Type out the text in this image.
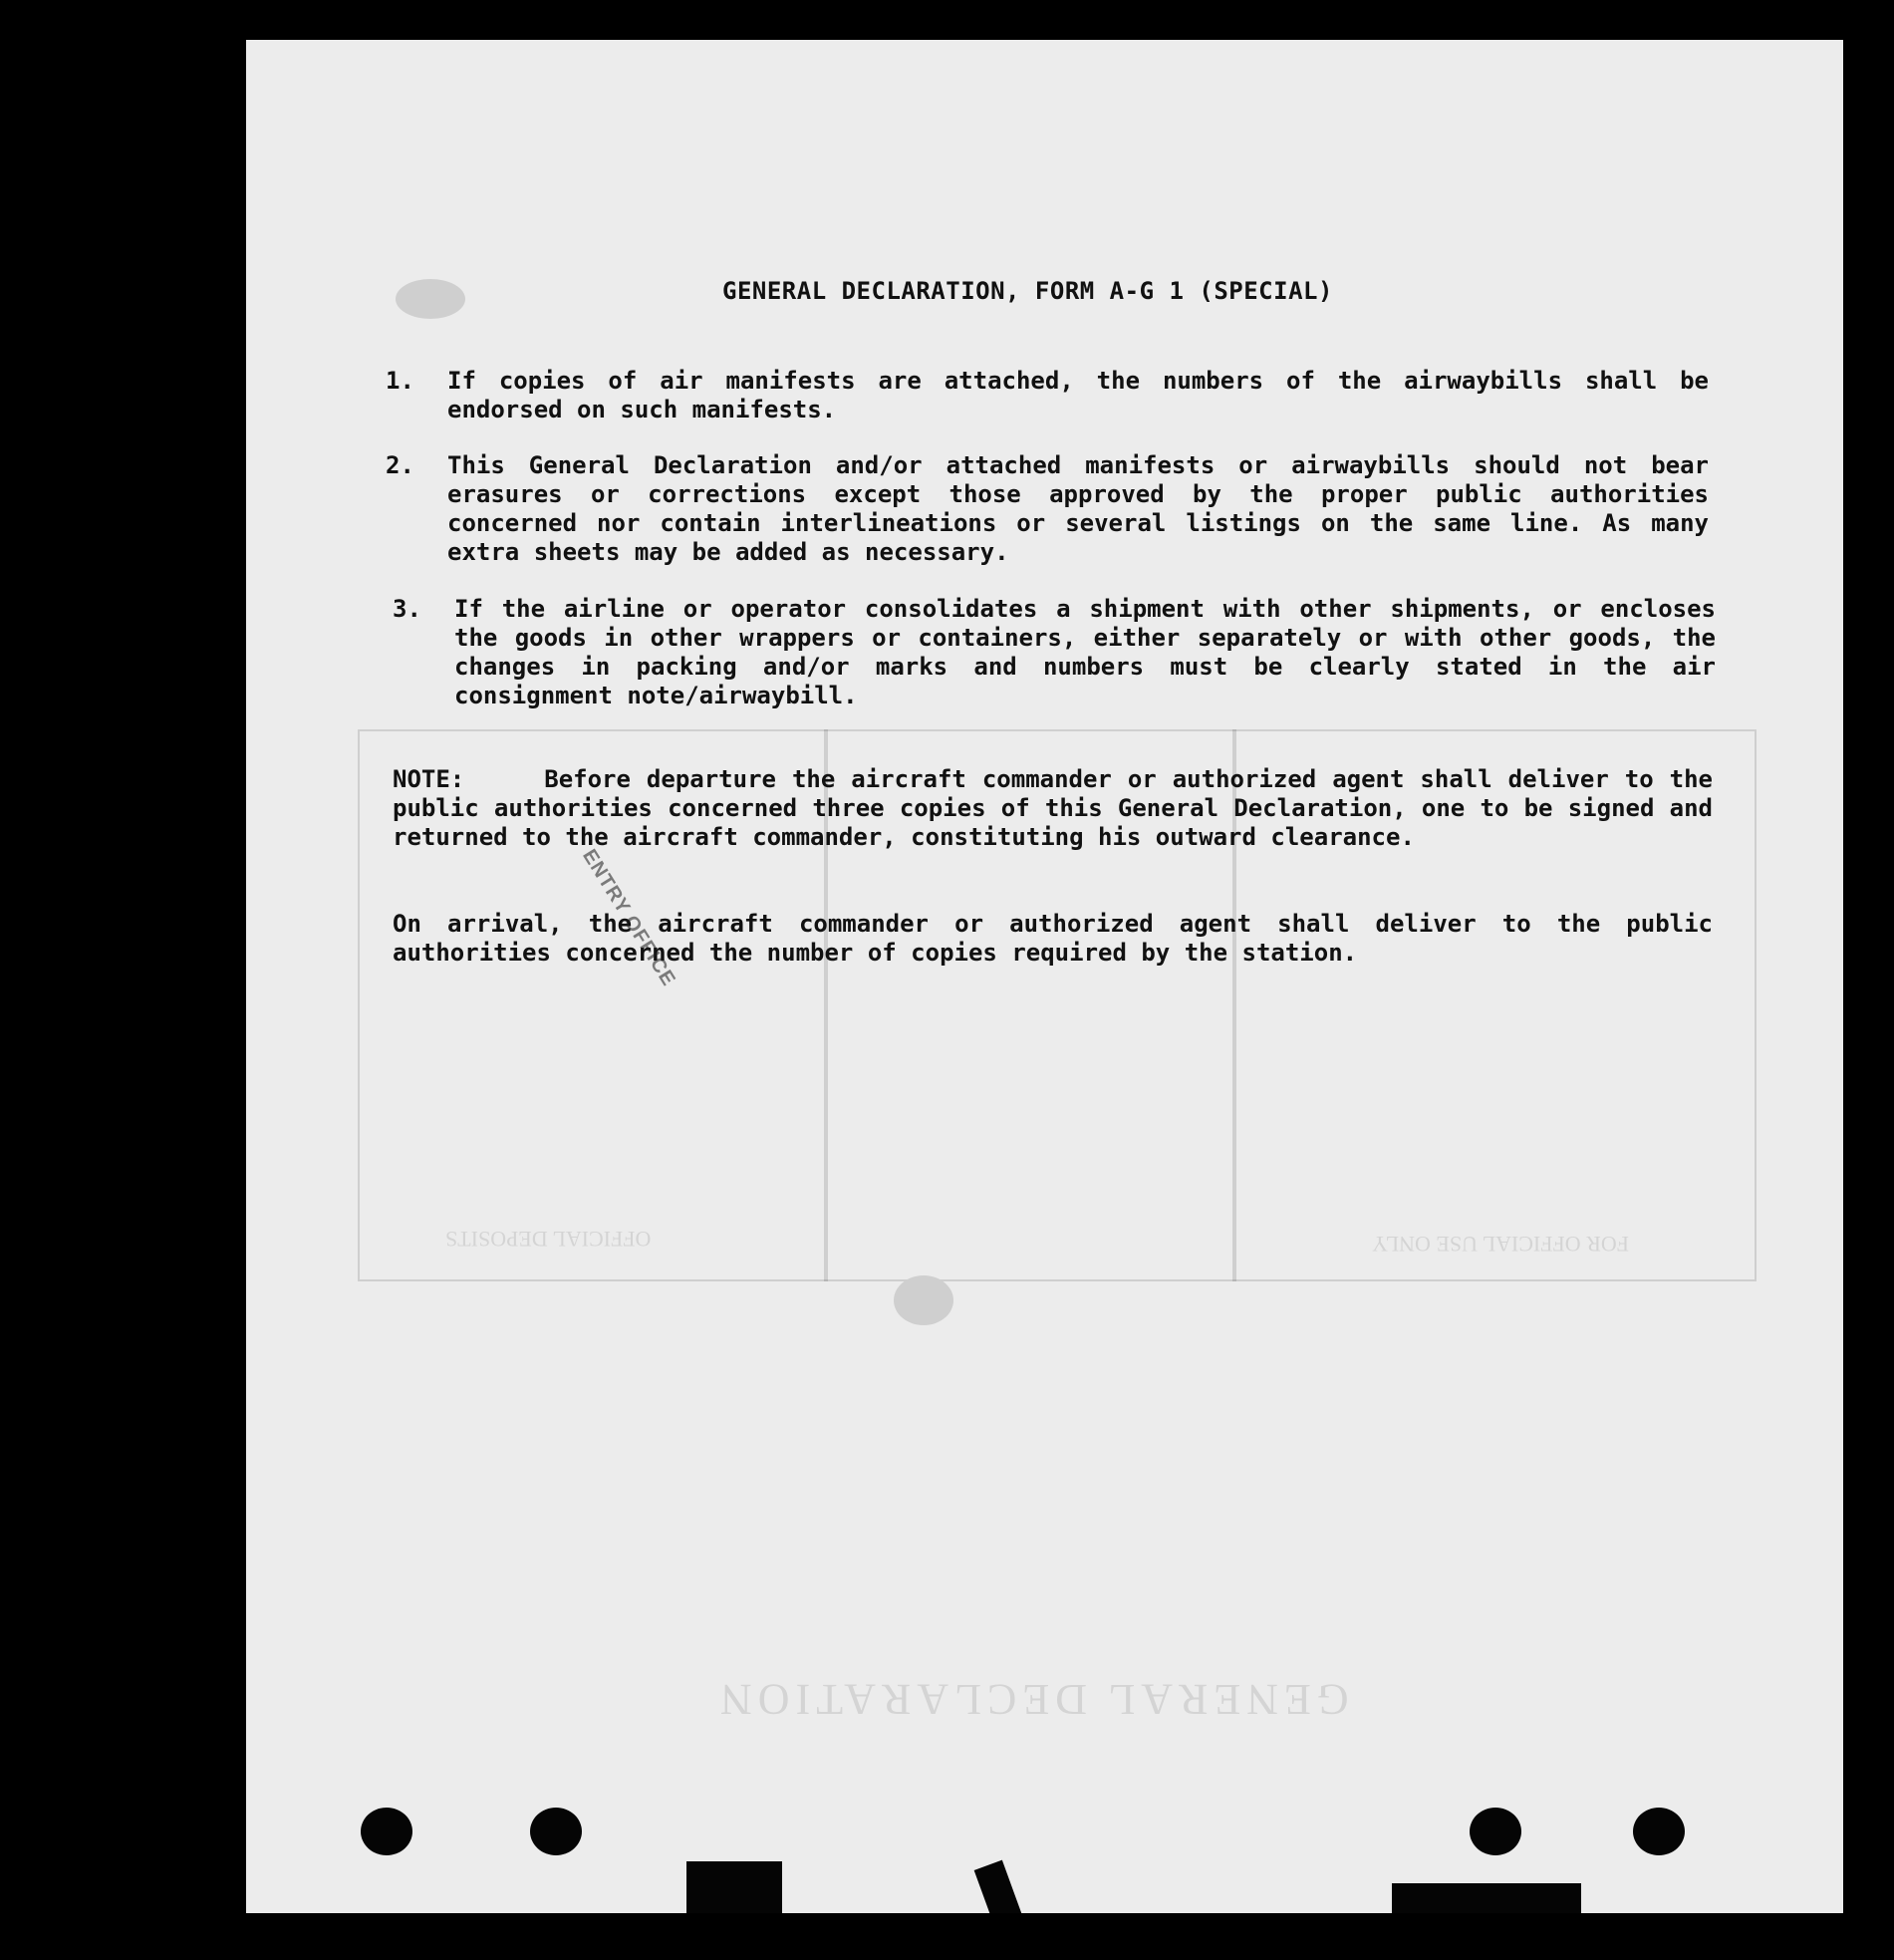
GENERAL DECLARATION
OFFICIAL DEPOSITS	FOR OFFICIAL USE ONLY
GENERAL DECLARATION, FORM A-G 1 (SPECIAL)
1. If copies of air manifests are attached, the numbers of the airwaybills shall be endorsed on such manifests.
2. This General Declaration and/or attached manifests or airwaybills should not bear erasures or corrections except those approved by the proper public authorities concerned nor contain interlineations or several listings on the same line. As many extra sheets may be added as necessary.
3. If the airline or operator consolidates a shipment with other shipments, or encloses the goods in other wrappers or containers, either separately or with other goods, the changes in packing and/or marks and numbers must be clearly stated in the air consignment note/airwaybill.
NOTE:	Before departure the aircraft commander or authorized agent shall deliver to the public authorities concerned three copies of this General Declaration, one to be signed and returned to the aircraft commander, constituting his outward clearance.
On arrival, the aircraft commander or authorized agent shall deliver to the public authorities concerned the number of copies required by the station.
ENTRY OFFICE
